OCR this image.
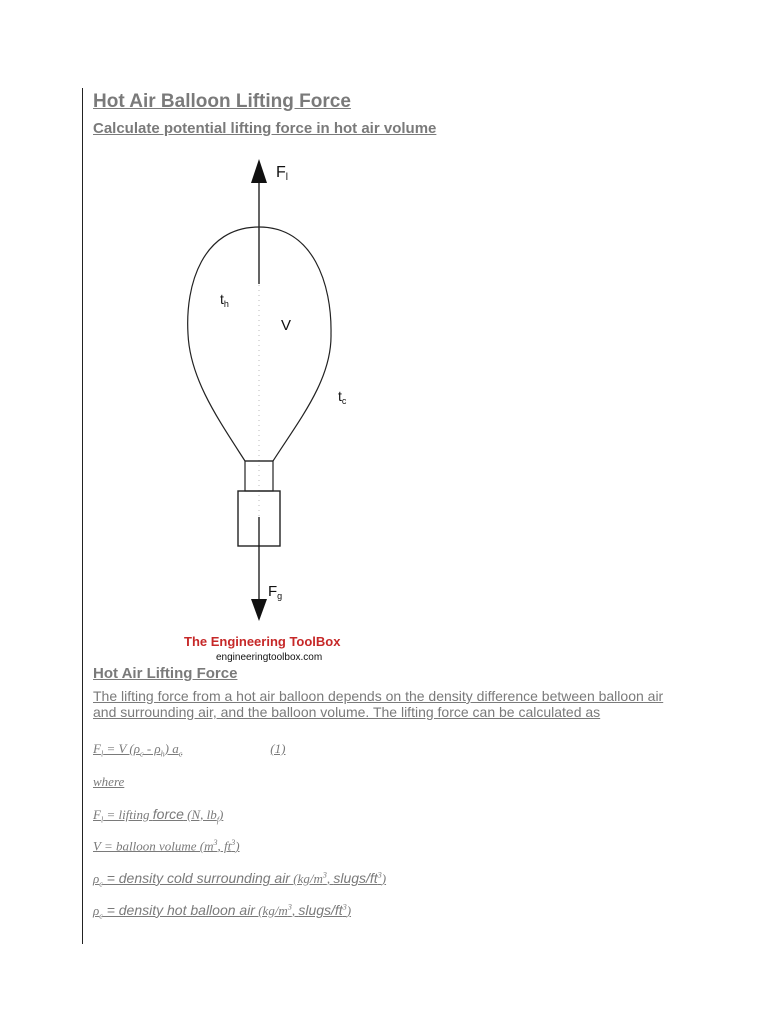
Hot Air Balloon Lifting Force
Calculate potential lifting force in hot air volume
Fl
$t_h$
V
$t_c$
$F_g$
The Engineering ToolBox
engineeringtoolbox.com
Hot Air Lifting Force

The lifting force from a hot air balloon depends on the density difference between balloon air
and surrounding air, and the balloon volume. The lifting force can be calculated as

$F_l = V$ $(\rho_c - \rho_h)$ $a_c$	(1)

where

$F_l$ = lifting force (N, $lb_f$)

V = balloon volume ($m^3$, $ft^3$)

$\rho_c$ = density cold surrounding air ($kg/m^3$, slugs/$ft^3$)

$\rho_c$ = density hot balloon air ($kg/m^3$, slugs/$ft^3$)
